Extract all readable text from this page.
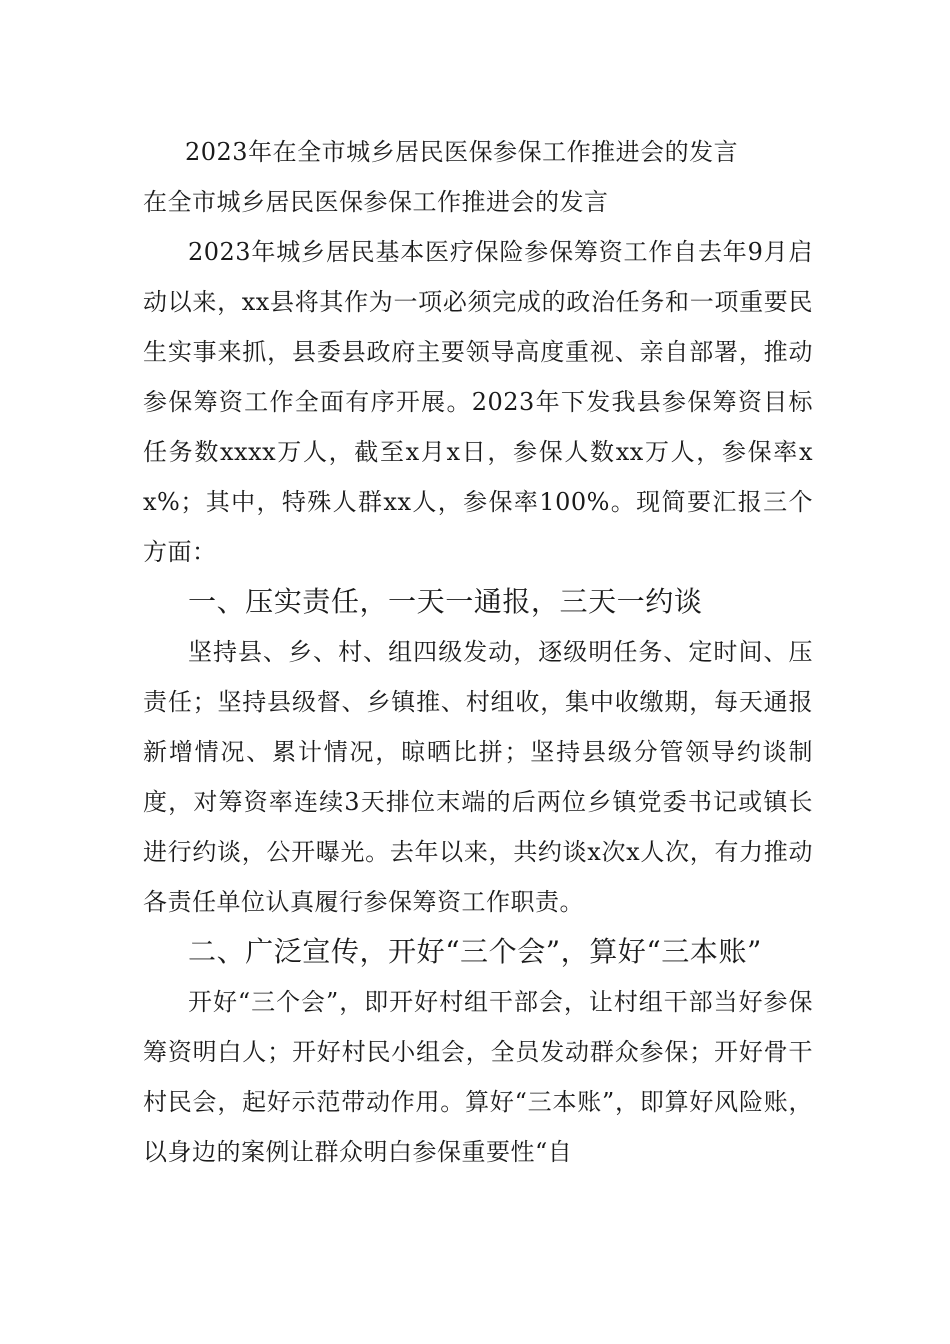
2023年在全市城乡居民医保参保工作推进会的发言
在全市城乡居民医保参保工作推进会的发言

2023年城乡居民基本医疗保险参保筹资工作自去年9月启动以来，xx县将其作为一项必须完成的政治任务和一项重要民生实事来抓，县委县政府主要领导高度重视、亲自部署，推动参保筹资工作全面有序开展。2023年下发我县参保筹资目标任务数xxxx万人，截至x月x日，参保人数xx万人，参保率xx%；其中，特殊人群xx人，参保率100%。现简要汇报三个方面：

一、压实责任，一天一通报，三天一约谈

坚持县、乡、村、组四级发动，逐级明任务、定时间、压责任；坚持县级督、乡镇推、村组收，集中收缴期，每天通报新增情况、累计情况，晾晒比拼；坚持县级分管领导约谈制度，对筹资率连续3天排位末端的后两位乡镇党委书记或镇长进行约谈，公开曝光。去年以来，共约谈x次x人次，有力推动各责任单位认真履行参保筹资工作职责。

二、广泛宣传，开好“三个会”，算好“三本账”

开好“三个会”，即开好村组干部会，让村组干部当好参保筹资明白人；开好村民小组会，全员发动群众参保；开好骨干村民会，起好示范带动作用。算好“三本账”，即算好风险账，以身边的案例让群众明白参保重要性“自
